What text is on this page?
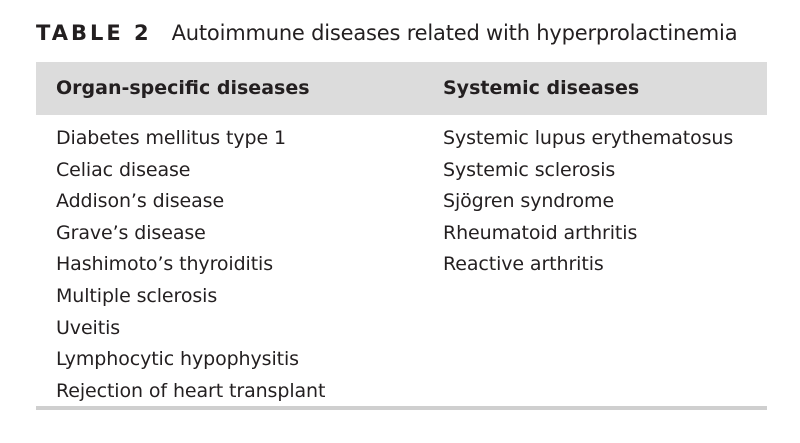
TABLE 2 Autoimmune diseases related with hyperprolactinemia
Organ-specific diseases	Systemic diseases
Diabetes mellitus type 1
Celiac disease
Addison’s disease
Grave’s disease
Hashimoto’s thyroiditis
Multiple sclerosis
Uveitis
Lymphocytic hypophysitis
Rejection of heart transplant
Systemic lupus erythematosus
Systemic sclerosis
Sjögren syndrome
Rheumatoid arthritis
Reactive arthritis
